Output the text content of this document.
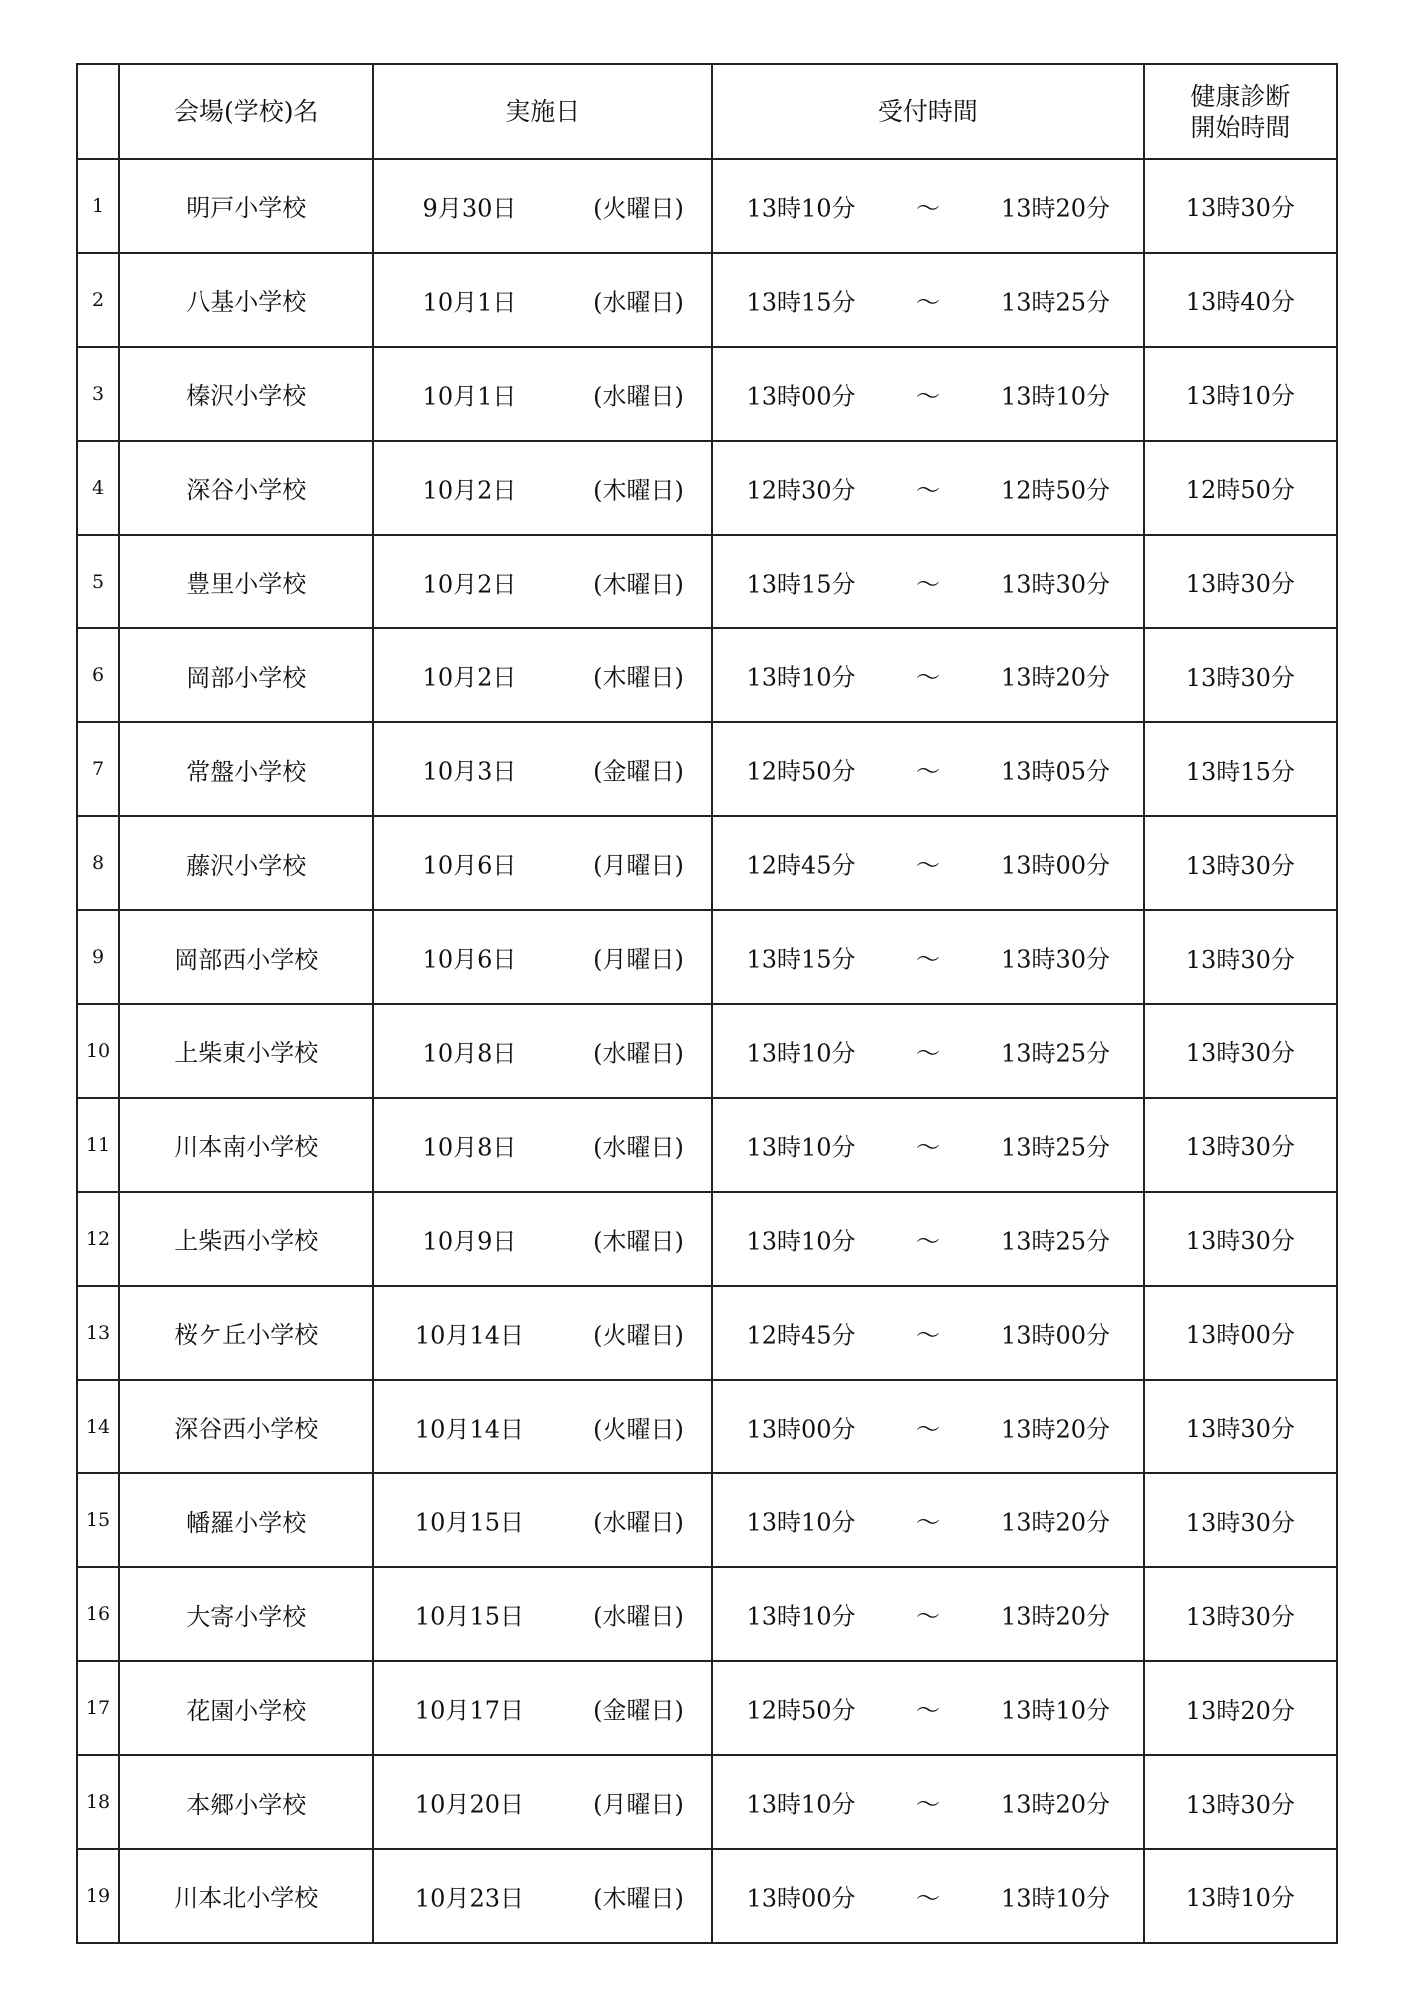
	会場(学校)名	実施日	受付時間	健康診断
開始時間

1	明戸小学校	9月30日 (火曜日)	13時10分 ～ 13時20分	13時30分
2	八基小学校	10月1日 (水曜日)	13時15分 ～ 13時25分	13時40分
3	榛沢小学校	10月1日 (水曜日)	13時00分 ～ 13時10分	13時10分
4	深谷小学校	10月2日 (木曜日)	12時30分 ～ 12時50分	12時50分
5	豊里小学校	10月2日 (木曜日)	13時15分 ～ 13時30分	13時30分
6	岡部小学校	10月2日 (木曜日)	13時10分 ～ 13時20分	13時30分
7	常盤小学校	10月3日 (金曜日)	12時50分 ～ 13時05分	13時15分
8	藤沢小学校	10月6日 (月曜日)	12時45分 ～ 13時00分	13時30分
9	岡部西小学校	10月6日 (月曜日)	13時15分 ～ 13時30分	13時30分
10	上柴東小学校	10月8日 (水曜日)	13時10分 ～ 13時25分	13時30分
11	川本南小学校	10月8日 (水曜日)	13時10分 ～ 13時25分	13時30分
12	上柴西小学校	10月9日 (木曜日)	13時10分 ～ 13時25分	13時30分
13	桜ケ丘小学校	10月14日 (火曜日)	12時45分 ～ 13時00分	13時00分
14	深谷西小学校	10月14日 (火曜日)	13時00分 ～ 13時20分	13時30分
15	幡羅小学校	10月15日 (水曜日)	13時10分 ～ 13時20分	13時30分
16	大寄小学校	10月15日 (水曜日)	13時10分 ～ 13時20分	13時30分
17	花園小学校	10月17日 (金曜日)	12時50分 ～ 13時10分	13時20分
18	本郷小学校	10月20日 (月曜日)	13時10分 ～ 13時20分	13時30分
19	川本北小学校	10月23日 (木曜日)	13時00分 ～ 13時10分	13時10分
